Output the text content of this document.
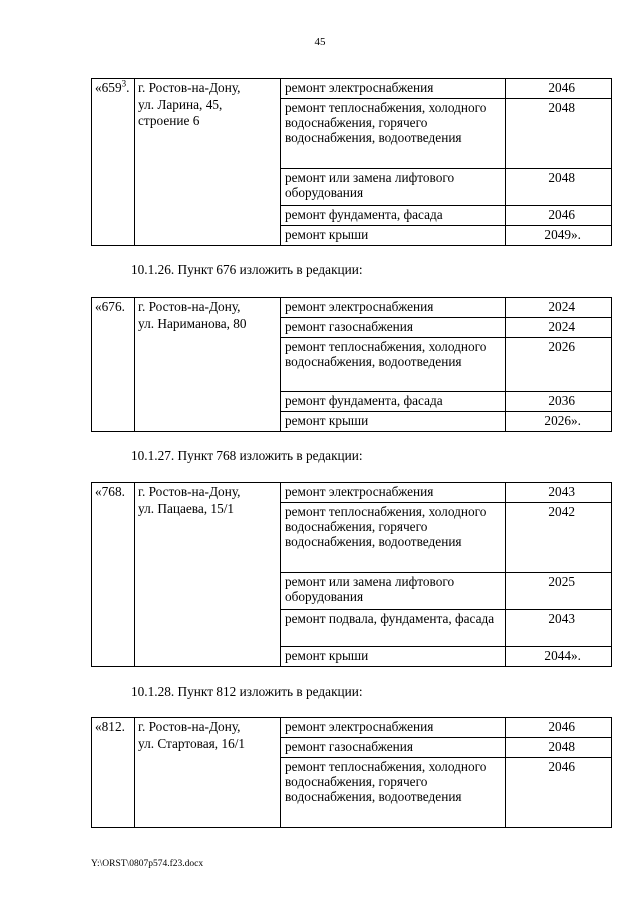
45
«$659^3$.	г. Ростов-на-Дону,
ул. Ларина, 45,
строение 6	ремонт электроснабжения	2046
		ремонт теплоснабжения, холодного водоснабжения, горячего водоснабжения, водоотведения	2048
		ремонт или замена лифтового оборудования	2048
		ремонт фундамента, фасада	2046
		ремонт крыши	2049».
10.1.26. Пункт 676 изложить в редакции:
«676.	г. Ростов-на-Дону,
ул. Нариманова, 80	ремонт электроснабжения	2024
		ремонт газоснабжения	2024
		ремонт теплоснабжения, холодного водоснабжения, водоотведения	2026
		ремонт фундамента, фасада	2036
		ремонт крыши	2026».
10.1.27. Пункт 768 изложить в редакции:
«768.	г. Ростов-на-Дону,
ул. Пацаева, 15/1	ремонт электроснабжения	2043
		ремонт теплоснабжения, холодного водоснабжения, горячего водоснабжения, водоотведения	2042
		ремонт или замена лифтового оборудования	2025
		ремонт подвала, фундамента, фасада	2043
		ремонт крыши	2044».
10.1.28. Пункт 812 изложить в редакции:
«812.	г. Ростов-на-Дону,
ул. Стартовая, 16/1	ремонт электроснабжения	2046
		ремонт газоснабжения	2048
		ремонт теплоснабжения, холодного водоснабжения, горячего водоснабжения, водоотведения	2046
Y:\ORST\0807p574.f23.docx
